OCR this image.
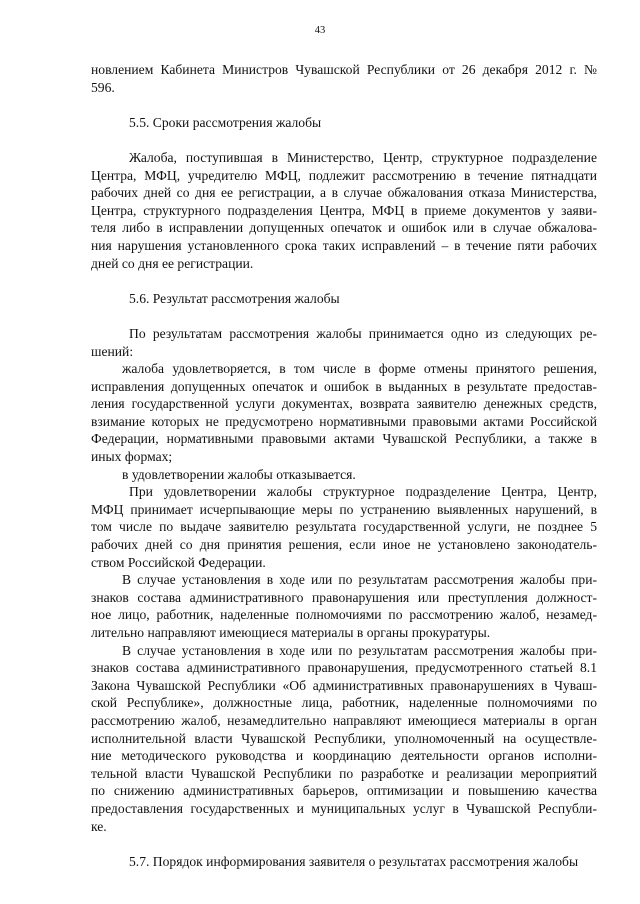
43
новлением Кабинета Министров Чувашской Республики от 26 декабря 2012 г. №
596.
5.5. Сроки рассмотрения жалобы
Жалоба, поступившая в Министерство, Центр, структурное подразделение
Центра, МФЦ, учредителю МФЦ, подлежит рассмотрению в течение пятнадцати
рабочих дней со дня ее регистрации, а в случае обжалования отказа Министерства,
Центра, структурного подразделения Центра, МФЦ в приеме документов у заяви-
теля либо в исправлении допущенных опечаток и ошибок или в случае обжалова-
ния нарушения установленного срока таких исправлений – в течение пяти рабочих
дней со дня ее регистрации.
5.6. Результат рассмотрения жалобы
По результатам рассмотрения жалобы принимается одно из следующих ре-
шений:
жалоба удовлетворяется, в том числе в форме отмены принятого решения,
исправления допущенных опечаток и ошибок в выданных в результате предостав-
ления государственной услуги документах, возврата заявителю денежных средств,
взимание которых не предусмотрено нормативными правовыми актами Российской
Федерации, нормативными правовыми актами Чувашской Республики, а также в
иных формах;
в удовлетворении жалобы отказывается.
При удовлетворении жалобы структурное подразделение Центра, Центр,
МФЦ принимает исчерпывающие меры по устранению выявленных нарушений, в
том числе по выдаче заявителю результата государственной услуги, не позднее 5
рабочих дней со дня принятия решения, если иное не установлено законодатель-
ством Российской Федерации.
В случае установления в ходе или по результатам рассмотрения жалобы при-
знаков состава административного правонарушения или преступления должност-
ное лицо, работник, наделенные полномочиями по рассмотрению жалоб, незамед-
лительно направляют имеющиеся материалы в органы прокуратуры.
В случае установления в ходе или по результатам рассмотрения жалобы при-
знаков состава административного правонарушения, предусмотренного статьей 8.1
Закона Чувашской Республики «Об административных правонарушениях в Чуваш-
ской Республике», должностные лица, работник, наделенные полномочиями по
рассмотрению жалоб, незамедлительно направляют имеющиеся материалы в орган
исполнительной власти Чувашской Республики, уполномоченный на осуществле-
ние методического руководства и координацию деятельности органов исполни-
тельной власти Чувашской Республики по разработке и реализации мероприятий
по снижению административных барьеров, оптимизации и повышению качества
предоставления государственных и муниципальных услуг в Чувашской Республи-
ке.
5.7. Порядок информирования заявителя о результатах рассмотрения жалобы
